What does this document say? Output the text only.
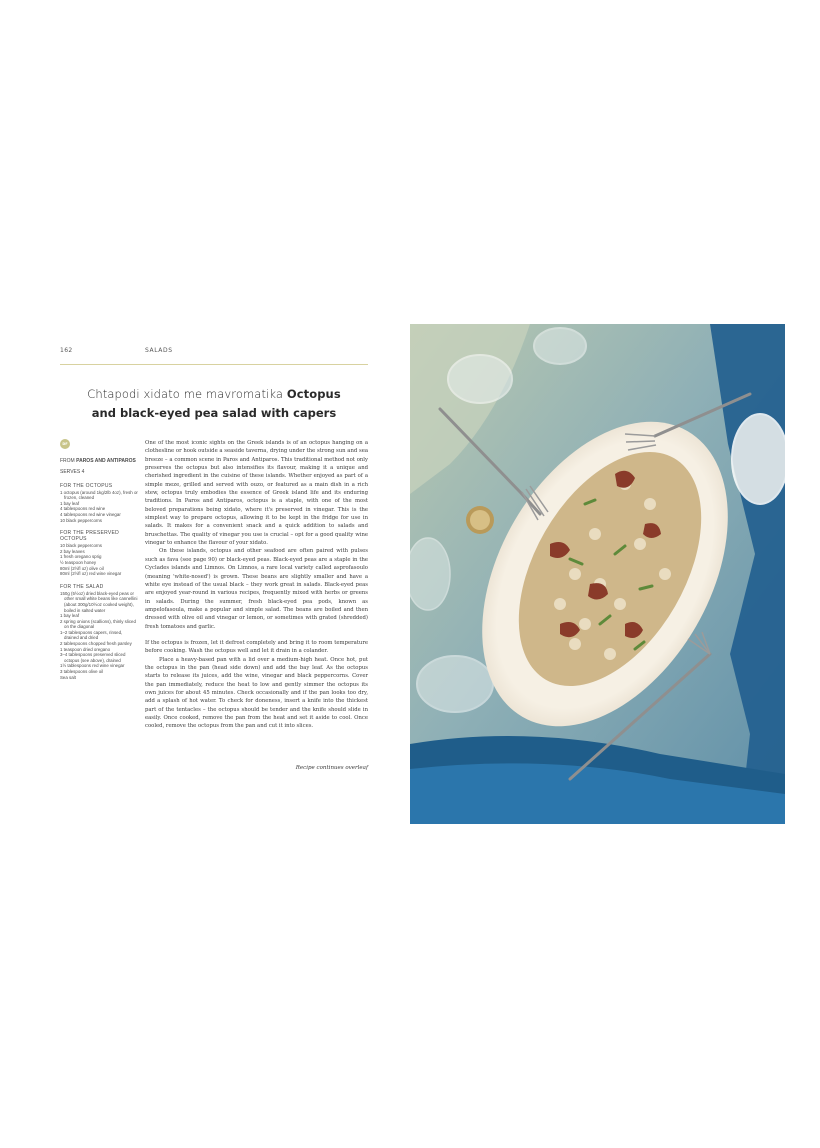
162	SALADS
Chtapodi xidato me mavromatika Octopus
and black-eyed pea salad with capers
DF
FROM PAROS AND ANTIPAROS
SERVES 4
FOR THE OCTOPUS
1 octopus (around 1kg/2lb 4oz), fresh or frozen, cleaned
1 bay leaf
4 tablespoons red wine
4 tablespoons red wine vinegar
10 black peppercorns
FOR THE PRESERVED OCTOPUS
10 black peppercorns
2 bay leaves
1 fresh oregano sprig
½ teaspoon honey
80ml (2½fl oz) olive oil
80ml (2½fl oz) red wine vinegar
FOR THE SALAD
150g (5½oz) dried black-eyed peas or other small white beans like cannellini (about 300g/10½oz cooked weight), boiled in salted water
1 bay leaf
2 spring onions (scallions), thinly sliced on the diagonal
1–2 tablespoons capers, rinsed, drained and dried
2 tablespoons chopped fresh parsley
1 teaspoon dried oregano
3–4 tablespoons preserved sliced octopus (see above), drained
1½ tablespoons red wine vinegar
3 tablespoons olive oil
Sea salt

One of the most iconic sights on the Greek islands is of an octopus hanging on a clothesline or hook outside a seaside taverna, drying under the strong sun and sea breeze – a common scene in Paros and Antiparos. This traditional method not only preserves the octopus but also intensifies its flavour, making it a unique and cherished ingredient in the cuisine of these islands. Whether enjoyed as part of a simple meze, grilled and served with ouzo, or featured as a main dish in a rich stew, octopus truly embodies the essence of Greek island life and its enduring traditions. In Paros and Antiparos, octopus is a staple, with one of the most beloved preparations being xidato, where it's preserved in vinegar. This is the simplest way to prepare octopus, allowing it to be kept in the fridge for use in salads. It makes for a convenient snack and a quick addition to salads and bruschettas. The quality of vinegar you use is crucial – opt for a good quality wine vinegar to enhance the flavour of your xidato.

On these islands, octopus and other seafood are often paired with pulses such as fava (see page 90) or black-eyed peas. Black-eyed peas are a staple in the Cyclades islands and Limnos. On Limnos, a rare local variety called asprofasoulo (meaning 'white-nosed') is grown. These beans are slightly smaller and have a white eye instead of the usual black – they work great in salads. Black-eyed peas are enjoyed year-round in various recipes, frequently mixed with herbs or greens in salads. During the summer, fresh black-eyed pea pods, known as ampelofasoula, make a popular and simple salad. The beans are boiled and then dressed with olive oil and vinegar or lemon, or sometimes with grated (shredded) fresh tomatoes and garlic.

If the octopus is frozen, let it defrost completely and bring it to room temperature before cooking. Wash the octopus well and let it drain in a colander.

Place a heavy-based pan with a lid over a medium-high heat. Once hot, put the octopus in the pan (head side down) and add the bay leaf. As the octopus starts to release its juices, add the wine, vinegar and black peppercorns. Cover the pan immediately, reduce the heat to low and gently simmer the octopus its own juices for about 45 minutes. Check occasionally and if the pan looks too dry, add a splash of hot water. To check for doneness, insert a knife into the thickest part of the tentacles – the octopus should be tender and the knife should slide in easily. Once cooked, remove the pan from the heat and set it aside to cool. Once cooled, remove the octopus from the pan and cut it into slices.

Recipe continues overleaf
